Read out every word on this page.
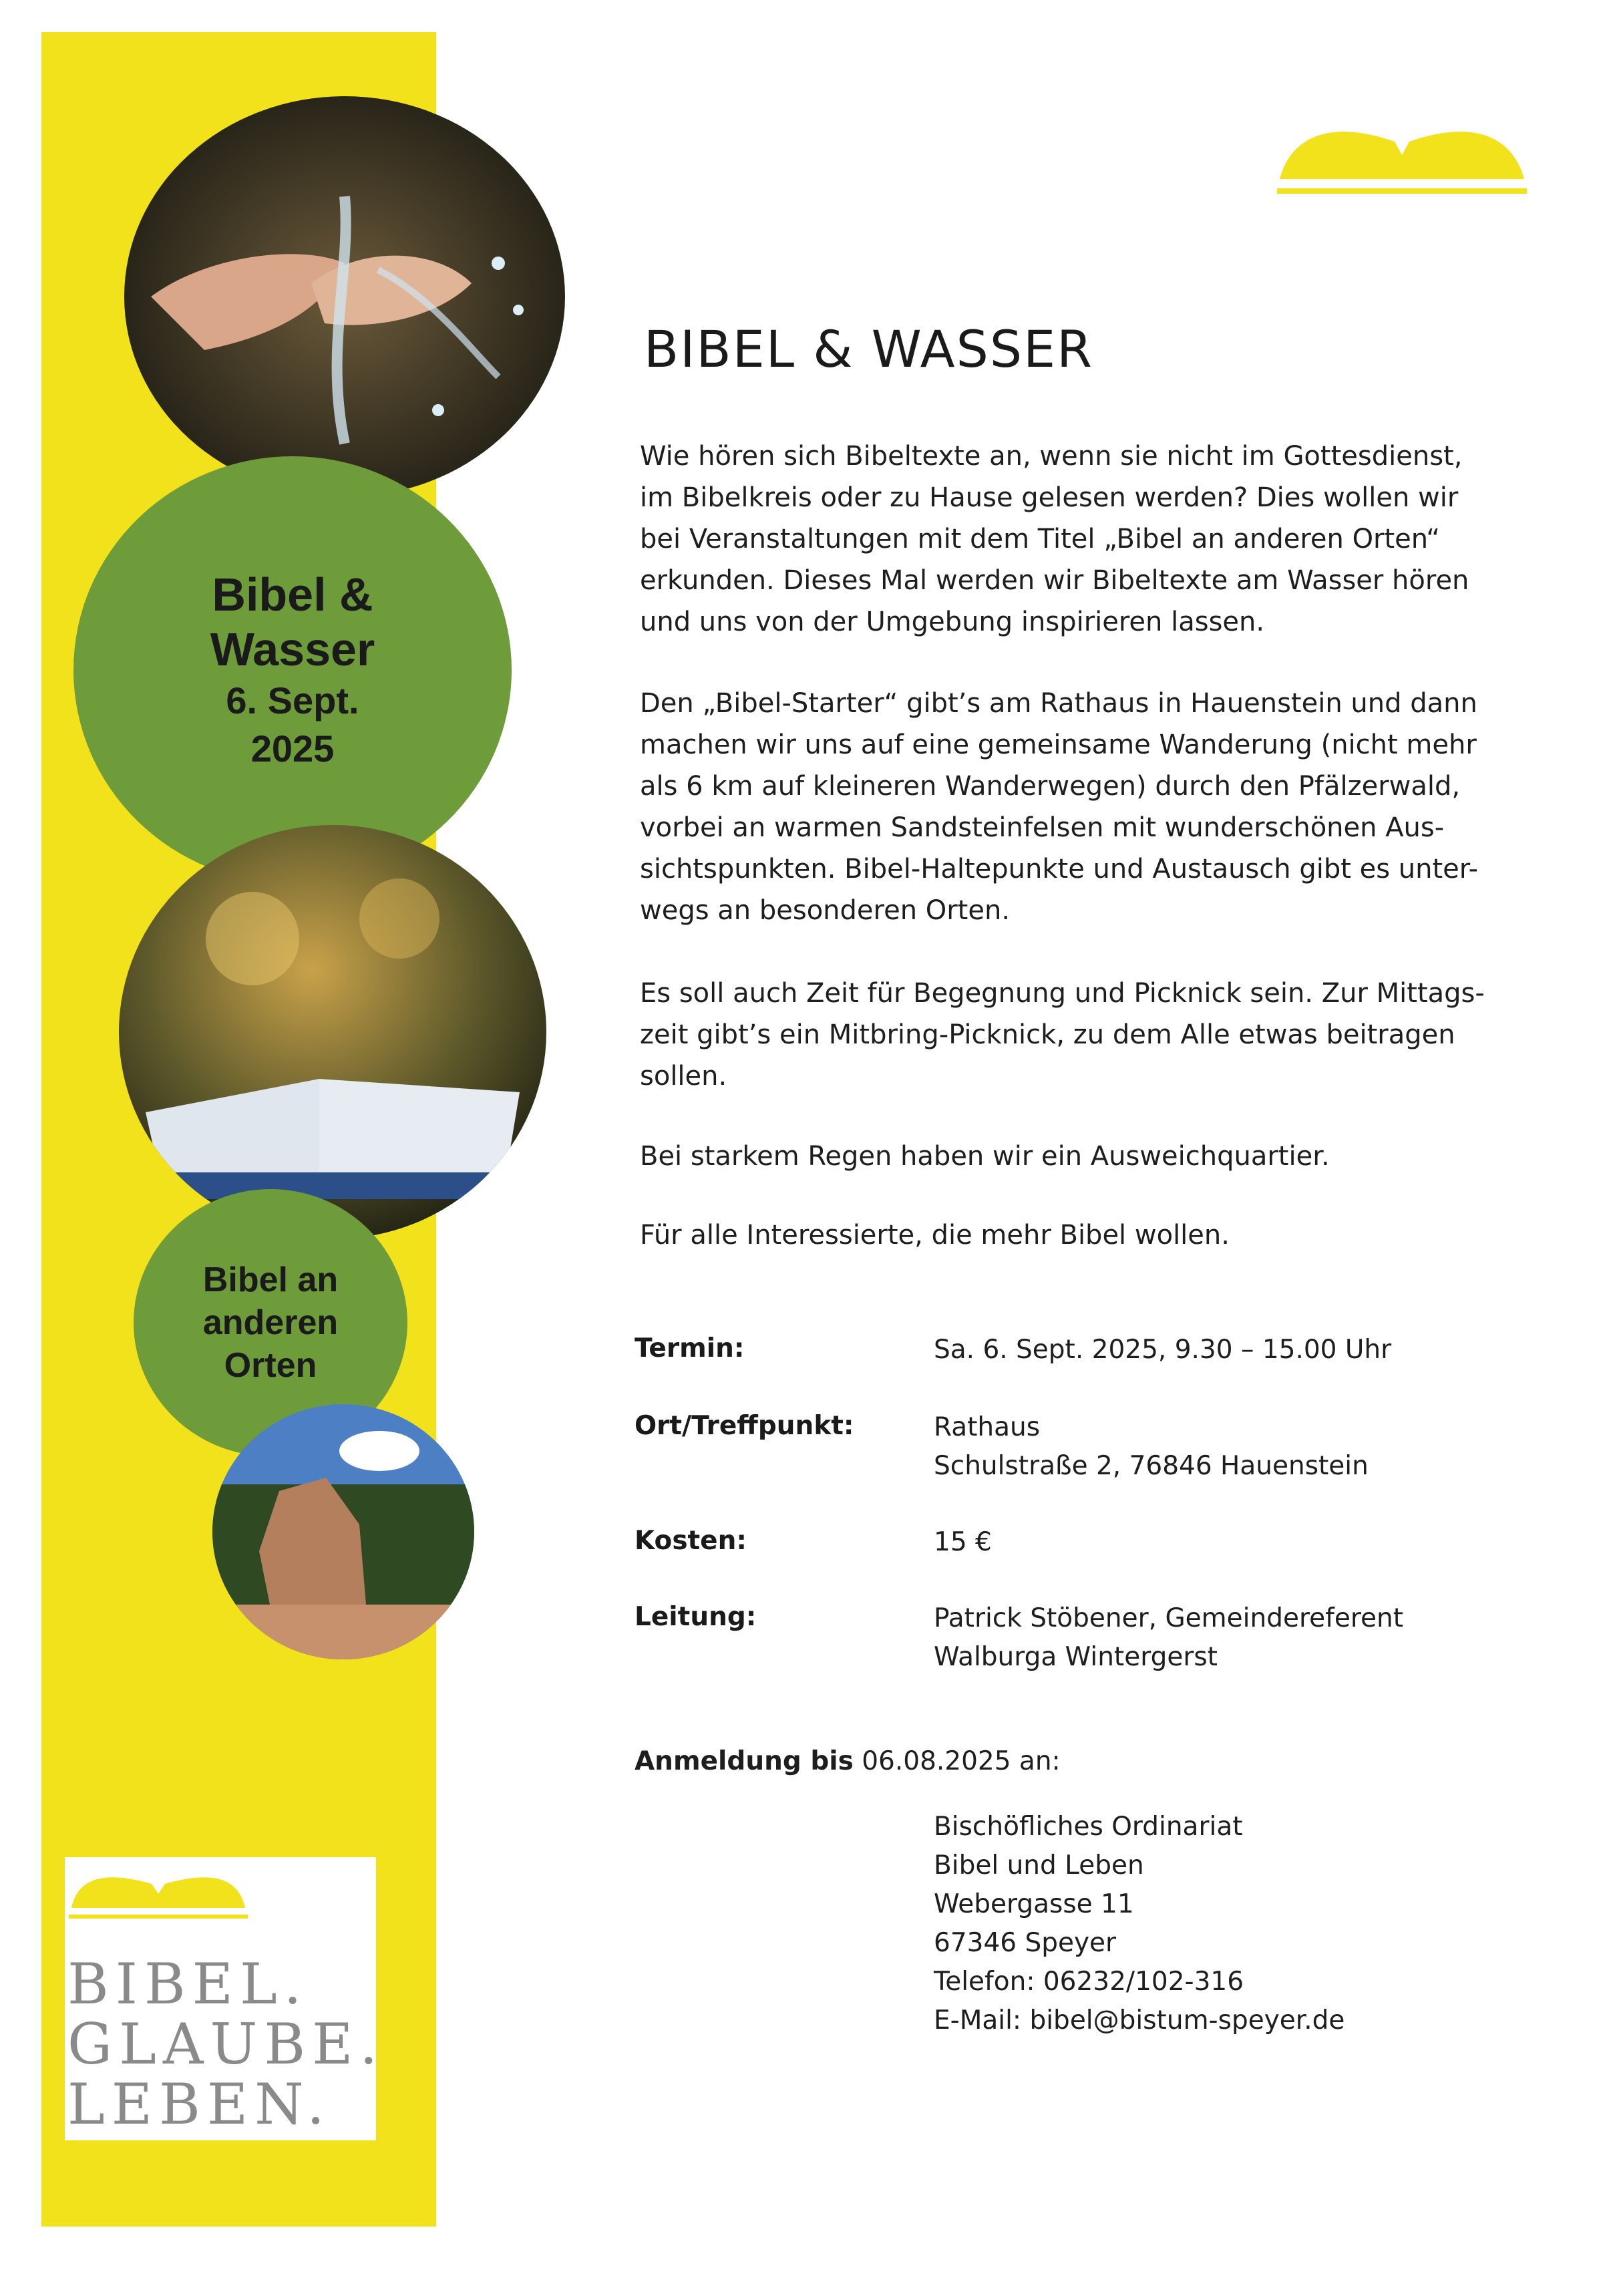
Bibel &
Wasser
6. Sept.
2025
Bibel an
anderen
Orten
BIBEL.
GLAUBE.
LEBEN.
BIBEL & WASSER
Wie hören sich Bibeltexte an, wenn sie nicht im Gottesdienst,
im Bibelkreis oder zu Hause gelesen werden? Dies wollen wir
bei Veranstaltungen mit dem Titel „Bibel an anderen Orten“
erkunden. Dieses Mal werden wir Bibeltexte am Wasser hören
und uns von der Umgebung inspirieren lassen.
Den „Bibel-Starter“ gibt’s am Rathaus in Hauenstein und dann
machen wir uns auf eine gemeinsame Wanderung (nicht mehr
als 6 km auf kleineren Wanderwegen) durch den Pfälzerwald,
vorbei an warmen Sandsteinfelsen mit wunderschönen Aus-
sichtspunkten. Bibel-Haltepunkte und Austausch gibt es unter-
wegs an besonderen Orten.
Es soll auch Zeit für Begegnung und Picknick sein. Zur Mittags-
zeit gibt’s ein Mitbring-Picknick, zu dem Alle etwas beitragen
sollen.
Bei starkem Regen haben wir ein Ausweichquartier.
Für alle Interessierte, die mehr Bibel wollen.
Termin:	Sa. 6. Sept. 2025, 9.30 – 15.00 Uhr
Ort/Treffpunkt:	Rathaus
Schulstraße 2, 76846 Hauenstein
Kosten:	15 €
Leitung:	Patrick Stöbener, Gemeindereferent
Walburga Wintergerst
Anmeldung bis 06.08.2025 an:
Bischöfliches Ordinariat
Bibel und Leben
Webergasse 11
67346 Speyer
Telefon: 06232/102-316
E-Mail: bibel@bistum-speyer.de
